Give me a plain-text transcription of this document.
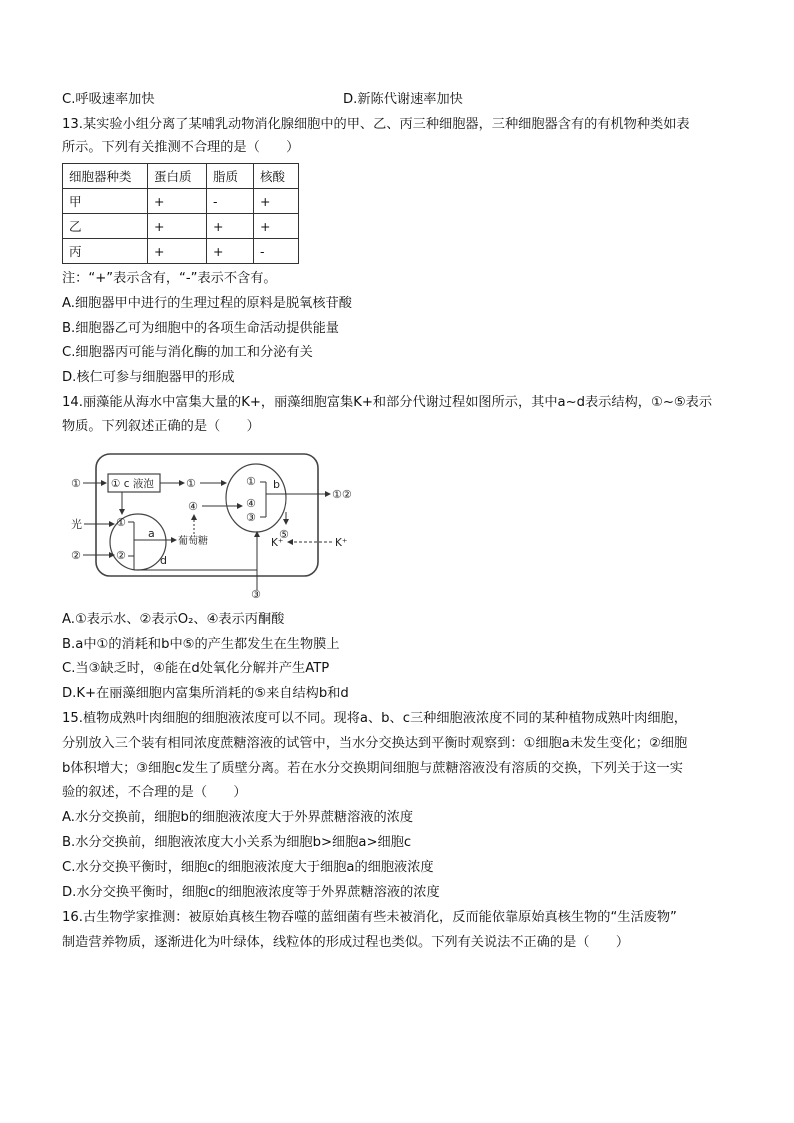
C.呼吸速率加快	D.新陈代谢速率加快
13.某实验小组分离了某哺乳动物消化腺细胞中的甲、乙、丙三种细胞器，三种细胞器含有的有机物种类如表
所示。下列有关推测不合理的是（　　）
细胞器种类	蛋白质	脂质	核酸
甲	+	-	+
乙	+	+	+
丙	+	+	-
注：“+”表示含有，“-”表示不含有。
A.细胞器甲中进行的生理过程的原料是脱氧核苷酸
B.细胞器乙可为细胞中的各项生命活动提供能量
C.细胞器丙可能与消化酶的加工和分泌有关
D.核仁可参与细胞器甲的形成
14.丽藻能从海水中富集大量的K+，丽藻细胞富集K+和部分代谢过程如图所示，其中a~d表示结构，①~⑤表示
物质。下列叙述正确的是（　　）
① c 液泡
①	①
①
②
a
光
②
葡萄糖
d
④
①
④
③
b
①②
⑤
K⁺	K⁺
③
A.①表示水、②表示O₂、④表示丙酮酸
B.a中①的消耗和b中⑤的产生都发生在生物膜上
C.当③缺乏时，④能在d处氧化分解并产生ATP
D.K+在丽藻细胞内富集所消耗的⑤来自结构b和d
15.植物成熟叶肉细胞的细胞液浓度可以不同。现将a、b、c三种细胞液浓度不同的某种植物成熟叶肉细胞，
分别放入三个装有相同浓度蔗糖溶液的试管中，当水分交换达到平衡时观察到：①细胞a未发生变化；②细胞
b体积增大；③细胞c发生了质壁分离。若在水分交换期间细胞与蔗糖溶液没有溶质的交换，下列关于这一实
验的叙述，不合理的是（　　）
A.水分交换前，细胞b的细胞液浓度大于外界蔗糖溶液的浓度
B.水分交换前，细胞液浓度大小关系为细胞b>细胞a>细胞c
C.水分交换平衡时，细胞c的细胞液浓度大于细胞a的细胞液浓度
D.水分交换平衡时，细胞c的细胞液浓度等于外界蔗糖溶液的浓度
16.古生物学家推测：被原始真核生物吞噬的蓝细菌有些未被消化，反而能依靠原始真核生物的“生活废物”
制造营养物质，逐渐进化为叶绿体，线粒体的形成过程也类似。下列有关说法不正确的是（　　）
